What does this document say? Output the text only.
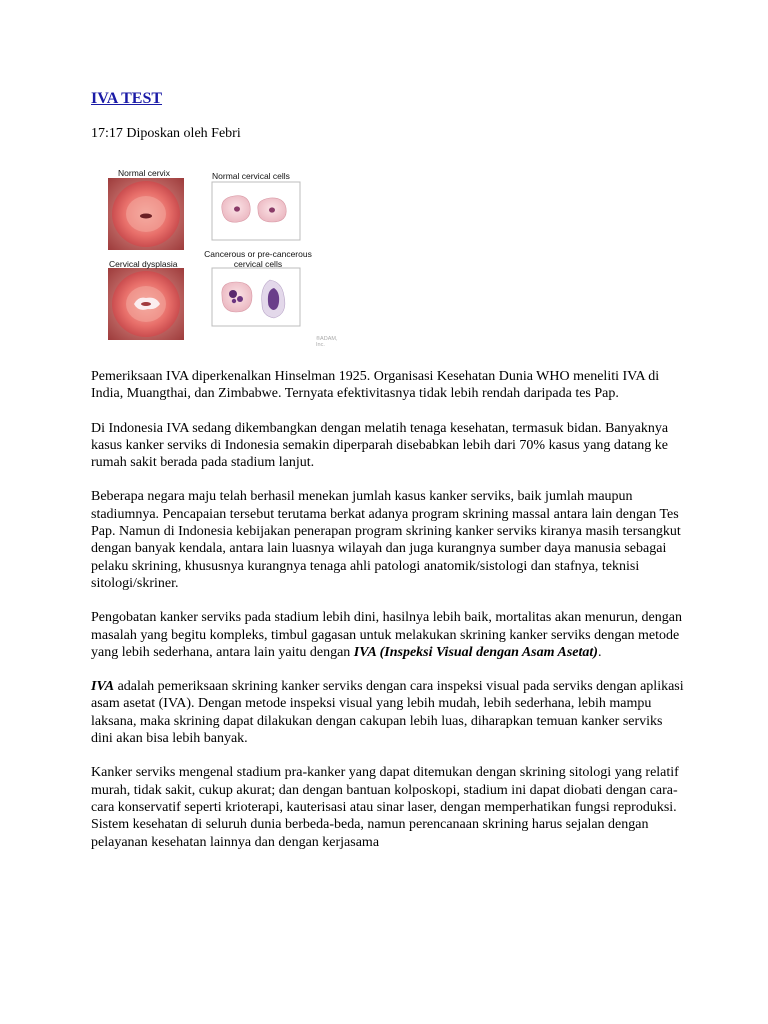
IVA TEST

17:17 Diposkan oleh Febri

Normal cervix	Normal cervical cells
Cervical dysplasia
Cancerous or pre-cancerous
cervical cells
®ADAM, Inc.

Pemeriksaan IVA diperkenalkan Hinselman 1925. Organisasi Kesehatan Dunia WHO meneliti IVA di India, Muangthai, dan Zimbabwe. Ternyata efektivitasnya tidak lebih rendah daripada tes Pap.

Di Indonesia IVA sedang dikembangkan dengan melatih tenaga kesehatan, termasuk bidan. Banyaknya kasus kanker serviks di Indonesia semakin diperparah disebabkan lebih dari 70% kasus yang datang ke rumah sakit berada pada stadium lanjut.

Beberapa negara maju telah berhasil menekan jumlah kasus kanker serviks, baik jumlah maupun stadiumnya. Pencapaian tersebut terutama berkat adanya program skrining massal antara lain dengan Tes Pap. Namun di Indonesia kebijakan penerapan program skrining kanker serviks kiranya masih tersangkut dengan banyak kendala, antara lain luasnya wilayah dan juga kurangnya sumber daya manusia sebagai pelaku skrining, khususnya kurangnya tenaga ahli patologi anatomik/sistologi dan stafnya, teknisi sitologi/skriner.

Pengobatan kanker serviks pada stadium lebih dini, hasilnya lebih baik, mortalitas akan menurun, dengan masalah yang begitu kompleks, timbul gagasan untuk melakukan skrining kanker serviks dengan metode yang lebih sederhana, antara lain yaitu dengan IVA (Inspeksi Visual dengan Asam Asetat).

IVA adalah pemeriksaan skrining kanker serviks dengan cara inspeksi visual pada serviks dengan aplikasi asam asetat (IVA). Dengan metode inspeksi visual yang lebih mudah, lebih sederhana, lebih mampu laksana, maka skrining dapat dilakukan dengan cakupan lebih luas, diharapkan temuan kanker serviks dini akan bisa lebih banyak.

Kanker serviks mengenal stadium pra-kanker yang dapat ditemukan dengan skrining sitologi yang relatif murah, tidak sakit, cukup akurat; dan dengan bantuan kolposkopi, stadium ini dapat diobati dengan cara-cara konservatif seperti krioterapi, kauterisasi atau sinar laser, dengan memperhatikan fungsi reproduksi. Sistem kesehatan di seluruh dunia berbeda-beda, namun perencanaan skrining harus sejalan dengan pelayanan kesehatan lainnya dan dengan kerjasama
